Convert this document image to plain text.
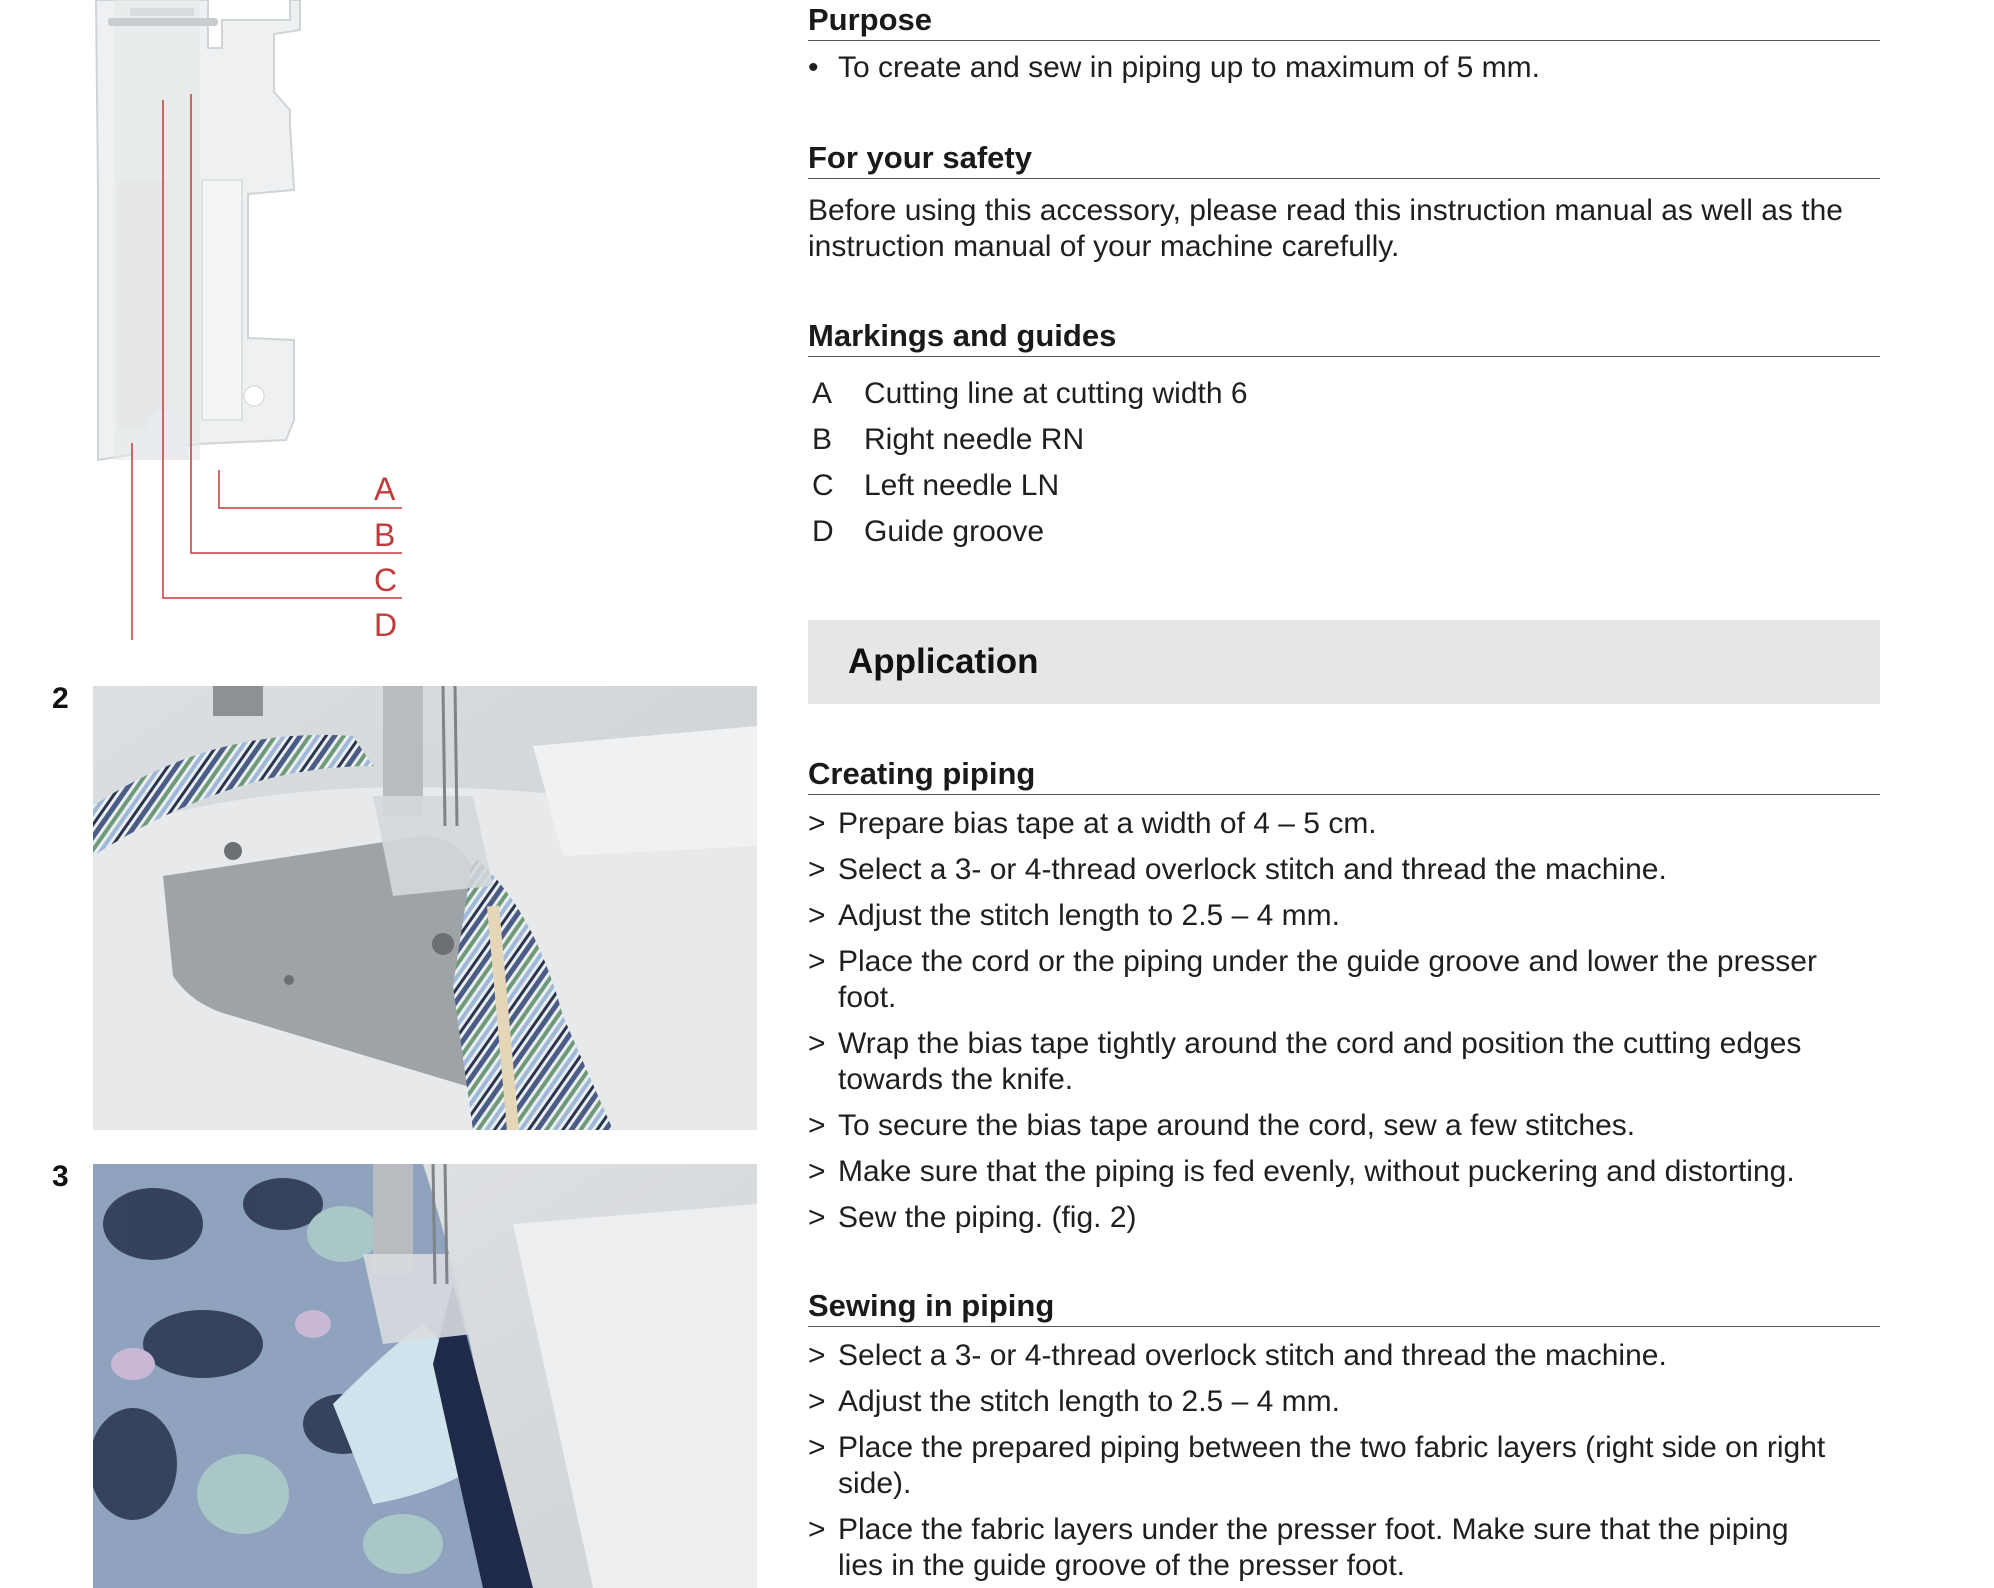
A
B
C
D
2
3
Purpose
• To create and sew in piping up to maximum of 5 mm.
For your safety
Before using this accessory, please read this instruction manual as well as the
instruction manual of your machine carefully.
Markings and guides
A Cutting line at cutting width 6
B Right needle RN
C Left needle LN
D Guide groove
Application
Creating piping
> Prepare bias tape at a width of 4 – 5 cm.
> Select a 3- or 4-thread overlock stitch and thread the machine.
> Adjust the stitch length to 2.5 – 4 mm.
> Place the cord or the piping under the guide groove and lower the presser
foot.
> Wrap the bias tape tightly around the cord and position the cutting edges
towards the knife.
> To secure the bias tape around the cord, sew a few stitches.
> Make sure that the piping is fed evenly, without puckering and distorting.
> Sew the piping. (fig. 2)
Sewing in piping
> Select a 3- or 4-thread overlock stitch and thread the machine.
> Adjust the stitch length to 2.5 – 4 mm.
> Place the prepared piping between the two fabric layers (right side on right
side).
> Place the fabric layers under the presser foot. Make sure that the piping
lies in the guide groove of the presser foot.
